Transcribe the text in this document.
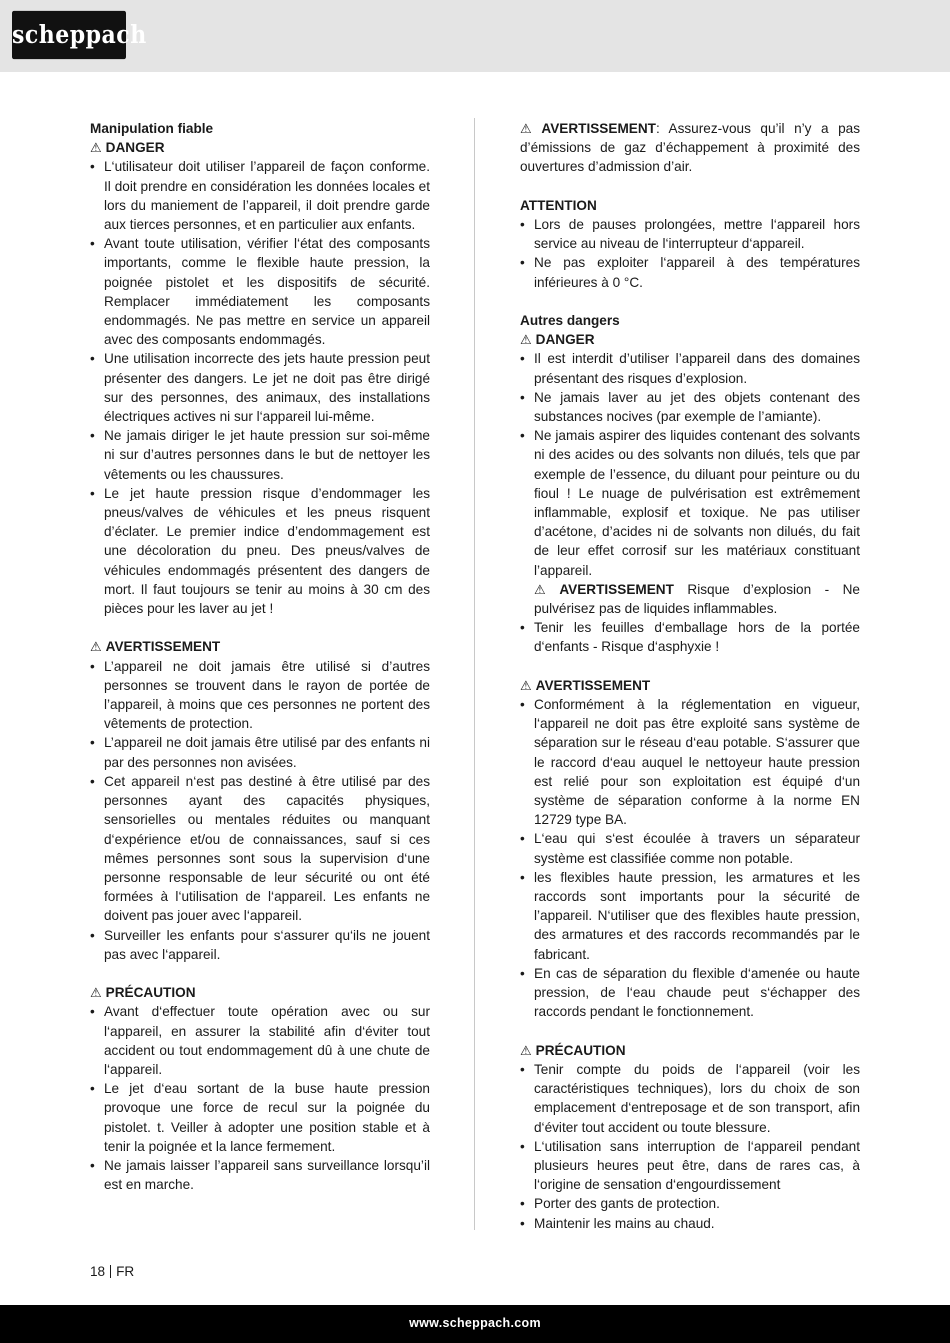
scheppach
Manipulation fiable
⚠ DANGER
• L‘utilisateur doit utiliser l’appareil de façon conforme. Il doit prendre en considération les données locales et lors du maniement de l’appareil, il doit prendre garde aux tierces personnes, et en particulier aux enfants.
• Avant toute utilisation, vérifier l‘état des composants importants, comme le flexible haute pression, la poignée pistolet et les dispositifs de sécurité. Remplacer immédiatement les composants endommagés. Ne pas mettre en service un appareil avec des composants endommagés.
• Une utilisation incorrecte des jets haute pression peut présenter des dangers. Le jet ne doit pas être dirigé sur des personnes, des animaux, des installations électriques actives ni sur l‘appareil lui-même.
• Ne jamais diriger le jet haute pression sur soi-même ni sur d’autres personnes dans le but de nettoyer les vêtements ou les chaussures.
• Le jet haute pression risque d’endommager les pneus/valves de véhicules et les pneus risquent d’éclater. Le premier indice d’endommagement est une décoloration du pneu. Des pneus/valves de véhicules endommagés présentent des dangers de mort. Il faut toujours se tenir au moins à 30 cm des pièces pour les laver au jet !
⚠ AVERTISSEMENT
• L’appareil ne doit jamais être utilisé si d’autres personnes se trouvent dans le rayon de portée de l’appareil, à moins que ces personnes ne portent des vêtements de protection.
• L’appareil ne doit jamais être utilisé par des enfants ni par des personnes non avisées.
• Cet appareil n‘est pas destiné à être utilisé par des personnes ayant des capacités physiques, sensorielles ou mentales réduites ou manquant d‘expérience et/ou de connaissances, sauf si ces mêmes personnes sont sous la supervision d‘une personne responsable de leur sécurité ou ont été formées à l‘utilisation de l‘appareil. Les enfants ne doivent pas jouer avec l‘appareil.
• Surveiller les enfants pour s‘assurer qu‘ils ne jouent pas avec l‘appareil.
⚠ PRÉCAUTION
• Avant d‘effectuer toute opération avec ou sur l‘appareil, en assurer la stabilité afin d‘éviter tout accident ou tout endommagement dû à une chute de l‘appareil.
• Le jet d‘eau sortant de la buse haute pression provoque une force de recul sur la poignée du pistolet. t. Veiller à adopter une position stable et à tenir la poignée et la lance fermement.
• Ne jamais laisser l’appareil sans surveillance lorsqu’il est en marche.
⚠ AVERTISSEMENT: Assurez-vous qu’il n’y a pas d’émissions de gaz d’échappement à proximité des ouvertures d’admission d’air.
ATTENTION
• Lors de pauses prolongées, mettre l‘appareil hors service au niveau de l‘interrupteur d‘appareil.
• Ne pas exploiter l‘appareil à des températures inférieures à 0 °C.
Autres dangers
⚠ DANGER
• Il est interdit d’utiliser l’appareil dans des domaines présentant des risques d’explosion.
• Ne jamais laver au jet des objets contenant des substances nocives (par exemple de l’amiante).
• Ne jamais aspirer des liquides contenant des solvants ni des acides ou des solvants non dilués, tels que par exemple de l’essence, du diluant pour peinture ou du fioul ! Le nuage de pulvérisation est extrêmement inflammable, explosif et toxique. Ne pas utiliser d’acétone, d’acides ni de solvants non dilués, du fait de leur effet corrosif sur les matériaux constituant l’appareil.
⚠ AVERTISSEMENT Risque d’explosion - Ne pulvérisez pas de liquides inflammables.
• Tenir les feuilles d‘emballage hors de la portée d‘enfants - Risque d‘asphyxie !
⚠ AVERTISSEMENT
• Conformément à la réglementation en vigueur, l‘appareil ne doit pas être exploité sans système de séparation sur le réseau d‘eau potable. S‘assurer que le raccord d‘eau auquel le nettoyeur haute pression est relié pour son exploitation est équipé d‘un système de séparation conforme à la norme EN 12729 type BA.
• L‘eau qui s‘est écoulée à travers un séparateur système est classifiée comme non potable.
• les flexibles haute pression, les armatures et les raccords sont importants pour la sécurité de l’appareil. N‘utiliser que des flexibles haute pression, des armatures et des raccords recommandés par le fabricant.
• En cas de séparation du flexible d‘amenée ou haute pression, de l‘eau chaude peut s‘échapper des raccords pendant le fonctionnement.
⚠ PRÉCAUTION
• Tenir compte du poids de l‘appareil (voir les caractéristiques techniques), lors du choix de son emplacement d‘entreposage et de son transport, afin d‘éviter tout accident ou toute blessure.
• L‘utilisation sans interruption de l‘appareil pendant plusieurs heures peut être, dans de rares cas, à l‘origine de sensation d‘engourdissement
• Porter des gants de protection.
• Maintenir les mains au chaud.
18 FR
www.scheppach.com
